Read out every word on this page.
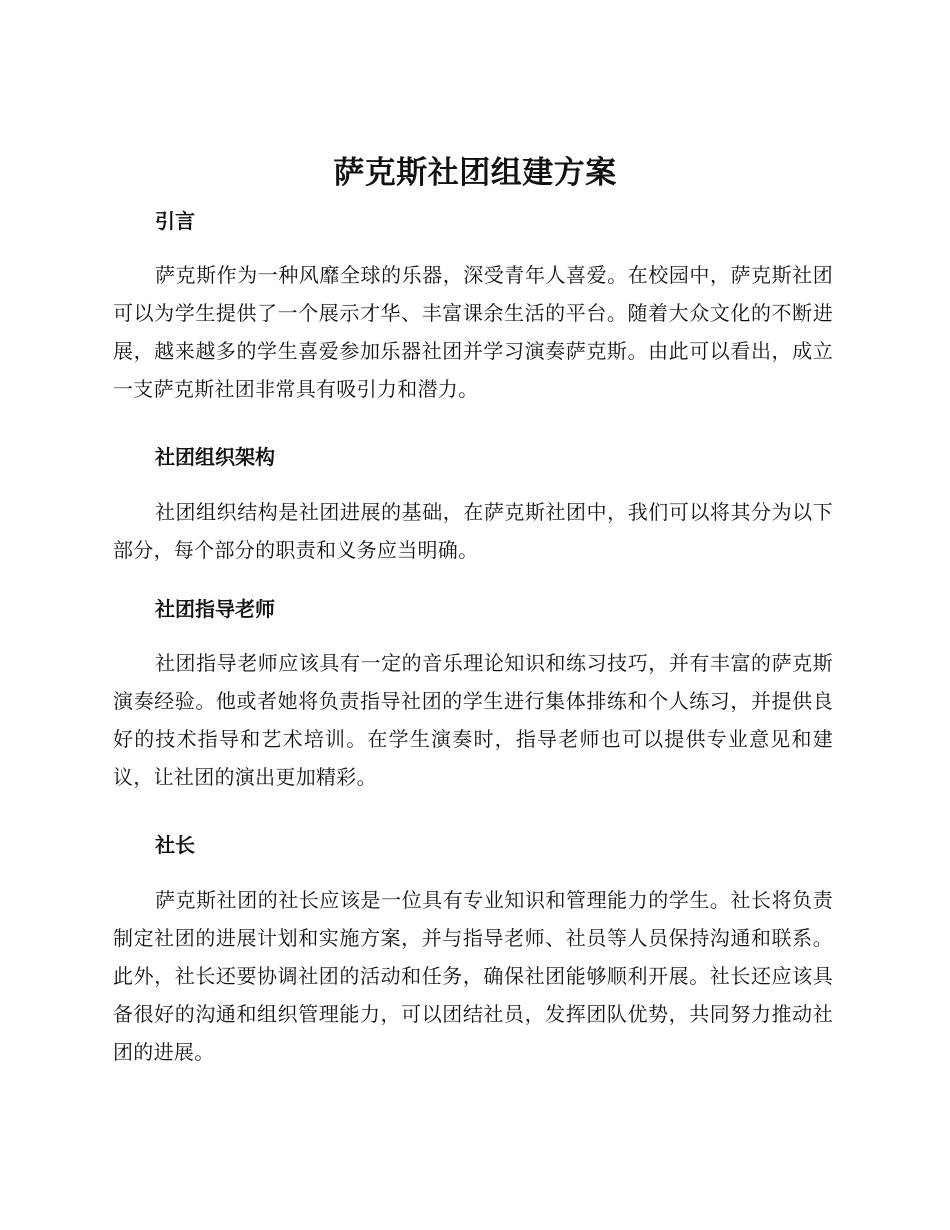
萨克斯社团组建方案
引言

萨克斯作为一种风靡全球的乐器，深受青年人喜爱。在校园中，萨克斯社团可以为学生提供了一个展示才华、丰富课余生活的平台。随着大众文化的不断进展，越来越多的学生喜爱参加乐器社团并学习演奏萨克斯。由此可以看出，成立一支萨克斯社团非常具有吸引力和潜力。

社团组织架构

社团组织结构是社团进展的基础，在萨克斯社团中，我们可以将其分为以下部分，每个部分的职责和义务应当明确。

社团指导老师

社团指导老师应该具有一定的音乐理论知识和练习技巧，并有丰富的萨克斯演奏经验。他或者她将负责指导社团的学生进行集体排练和个人练习，并提供良好的技术指导和艺术培训。在学生演奏时，指导老师也可以提供专业意见和建议，让社团的演出更加精彩。

社长

萨克斯社团的社长应该是一位具有专业知识和管理能力的学生。社长将负责制定社团的进展计划和实施方案，并与指导老师、社员等人员保持沟通和联系。此外，社长还要协调社团的活动和任务，确保社团能够顺利开展。社长还应该具备很好的沟通和组织管理能力，可以团结社员，发挥团队优势，共同努力推动社团的进展。
